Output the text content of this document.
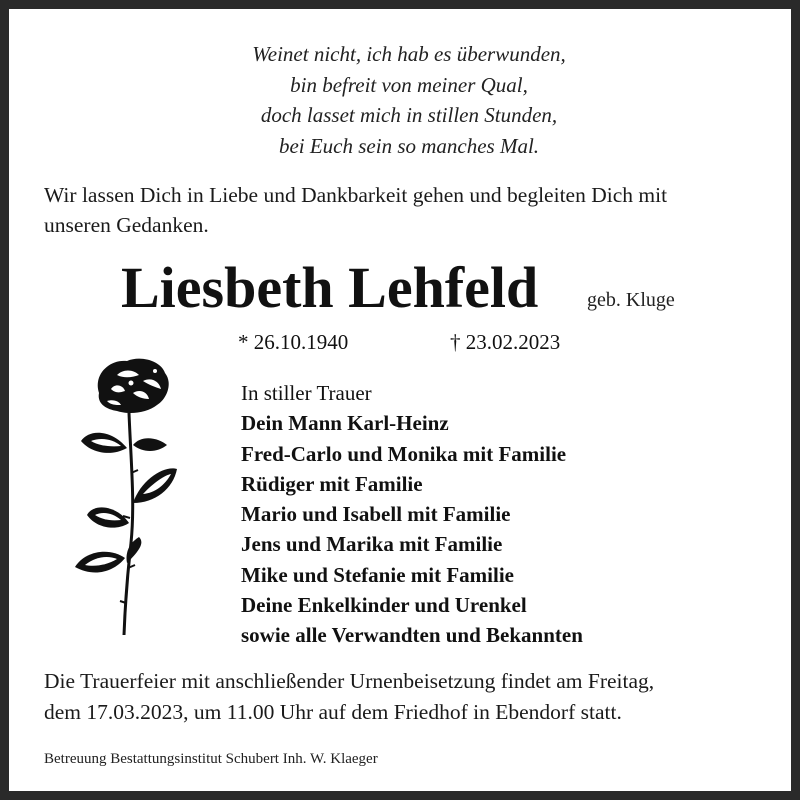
Weinet nicht, ich hab es überwunden,
bin befreit von meiner Qual,
doch lasset mich in stillen Stunden,
bei Euch sein so manches Mal.
Wir lassen Dich in Liebe und Dankbarkeit gehen und begleiten Dich mit
unseren Gedanken.
Liesbeth Lehfeld geb. Kluge
* 26.10.1940	† 23.02.2023
In stiller Trauer
Dein Mann Karl-Heinz
Fred-Carlo und Monika mit Familie
Rüdiger mit Familie
Mario und Isabell mit Familie
Jens und Marika mit Familie
Mike und Stefanie mit Familie
Deine Enkelkinder und Urenkel
sowie alle Verwandten und Bekannten
Die Trauerfeier mit anschließender Urnenbeisetzung findet am Freitag,
dem 17.03.2023, um 11.00 Uhr auf dem Friedhof in Ebendorf statt.
Betreuung Bestattungsinstitut Schubert Inh. W. Klaeger
